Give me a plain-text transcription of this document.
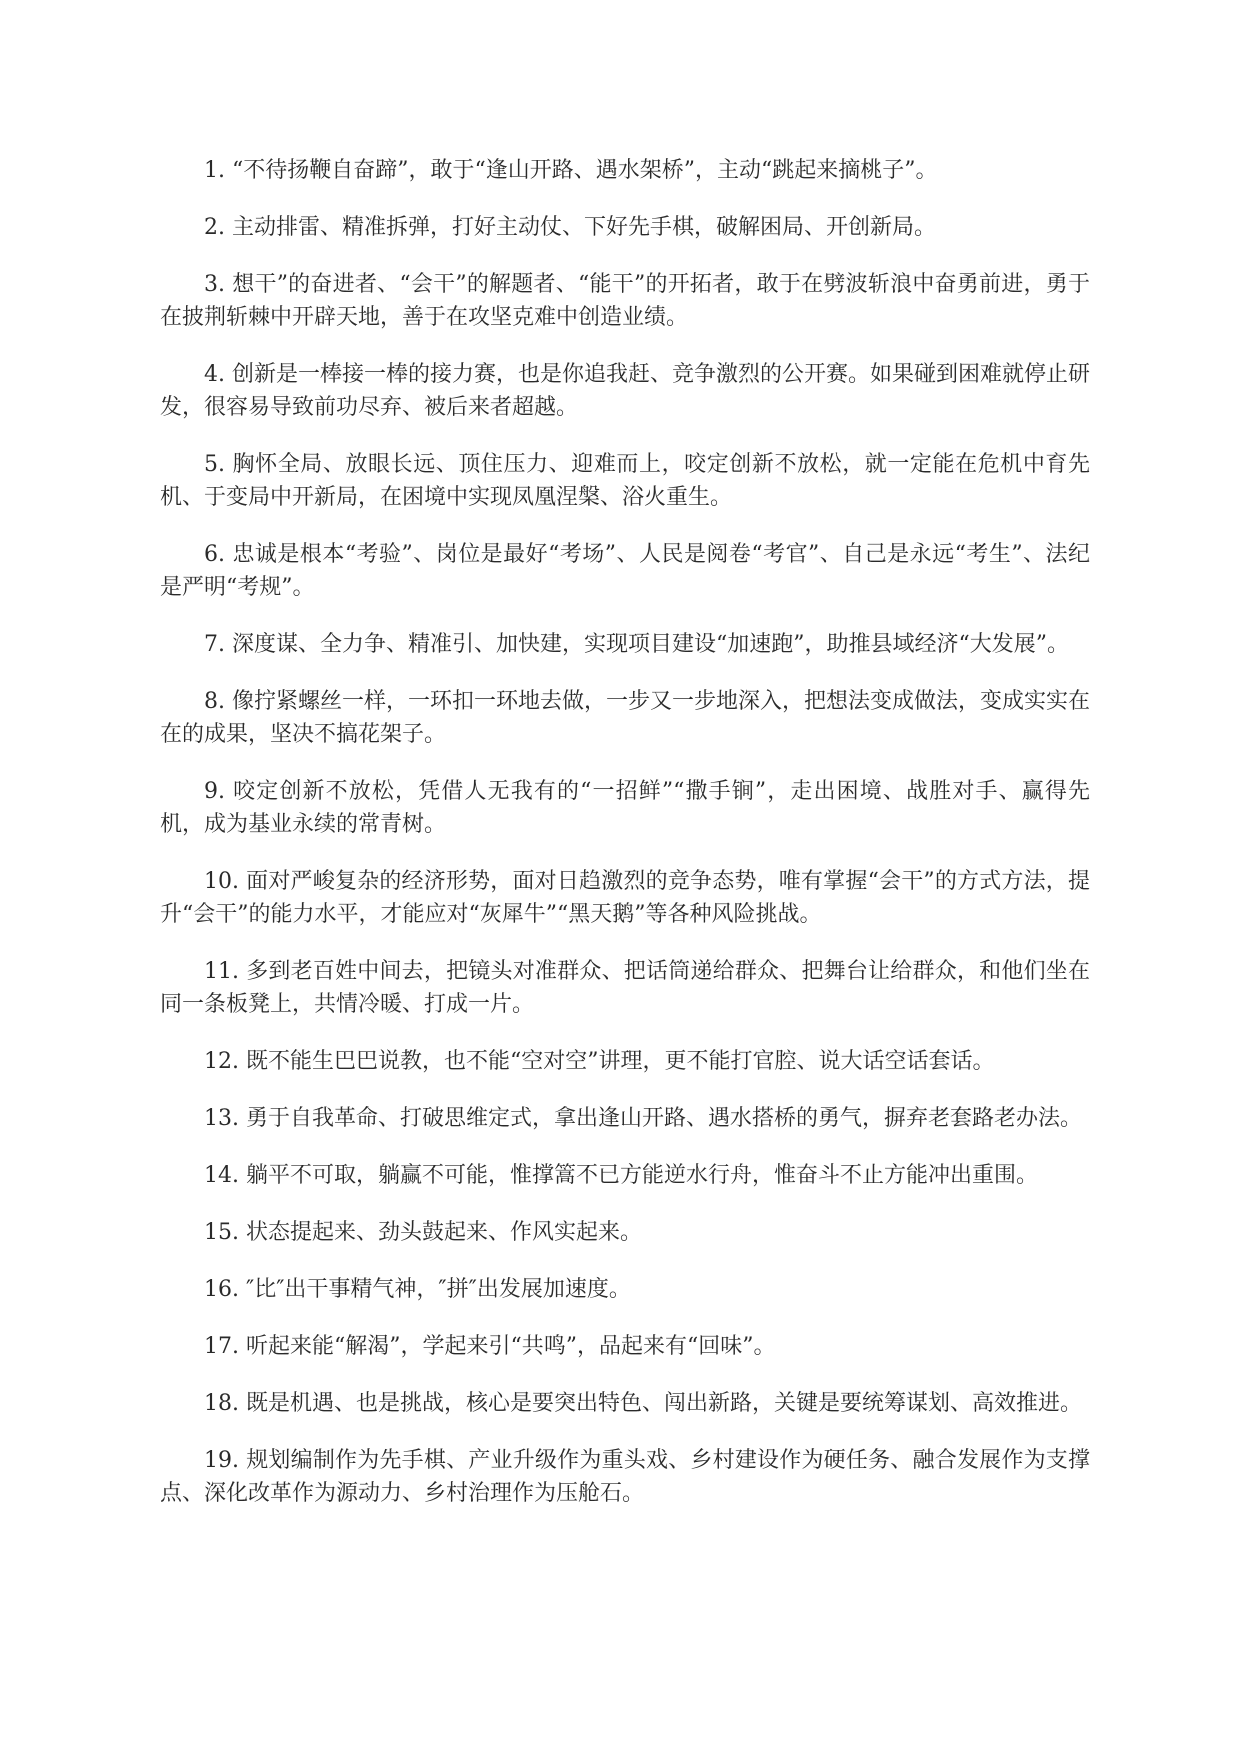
1. “不待扬鞭自奋蹄”，敢于“逢山开路、遇水架桥”，主动“跳起来摘桃子”。

2. 主动排雷、精准拆弹，打好主动仗、下好先手棋，破解困局、开创新局。

3. 想干”的奋进者、“会干”的解题者、“能干”的开拓者，敢于在劈波斩浪中奋勇前进，勇于在披荆斩棘中开辟天地，善于在攻坚克难中创造业绩。

4. 创新是一棒接一棒的接力赛，也是你追我赶、竞争激烈的公开赛。如果碰到困难就停止研发，很容易导致前功尽弃、被后来者超越。

5. 胸怀全局、放眼长远、顶住压力、迎难而上，咬定创新不放松，就一定能在危机中育先机、于变局中开新局，在困境中实现凤凰涅槃、浴火重生。

6. 忠诚是根本“考验”、岗位是最好“考场”、人民是阅卷“考官”、自己是永远“考生”、法纪是严明“考规”。

7. 深度谋、全力争、精准引、加快建，实现项目建设“加速跑”，助推县域经济“大发展”。

8. 像拧紧螺丝一样，一环扣一环地去做，一步又一步地深入，把想法变成做法，变成实实在在的成果，坚决不搞花架子。

9. 咬定创新不放松，凭借人无我有的“一招鲜”“撒手锏”，走出困境、战胜对手、赢得先机，成为基业永续的常青树。

10. 面对严峻复杂的经济形势，面对日趋激烈的竞争态势，唯有掌握“会干”的方式方法，提升“会干”的能力水平，才能应对“灰犀牛”“黑天鹅”等各种风险挑战。

11. 多到老百姓中间去，把镜头对准群众、把话筒递给群众、把舞台让给群众，和他们坐在同一条板凳上，共情冷暖、打成一片。

12. 既不能生巴巴说教，也不能“空对空”讲理，更不能打官腔、说大话空话套话。

13. 勇于自我革命、打破思维定式，拿出逢山开路、遇水搭桥的勇气，摒弃老套路老办法。

14. 躺平不可取，躺赢不可能，惟撑篙不已方能逆水行舟，惟奋斗不止方能冲出重围。

15. 状态提起来、劲头鼓起来、作风实起来。

16. ″比″出干事精气神，″拼″出发展加速度。

17. 听起来能“解渴”，学起来引“共鸣”，品起来有“回味”。

18. 既是机遇、也是挑战，核心是要突出特色、闯出新路，关键是要统筹谋划、高效推进。

19. 规划编制作为先手棋、产业升级作为重头戏、乡村建设作为硬任务、融合发展作为支撑点、深化改革作为源动力、乡村治理作为压舱石。
